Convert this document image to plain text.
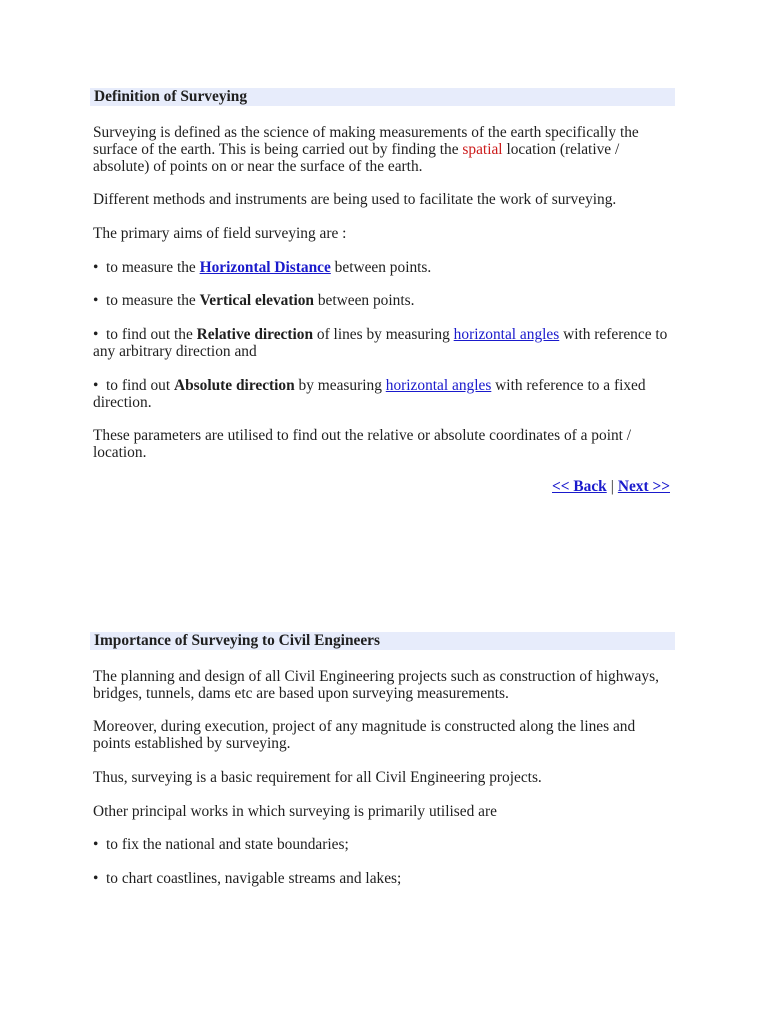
Definition of Surveying

Surveying is defined as the science of making measurements of the earth specifically the surface of the earth. This is being carried out by finding the spatial location (relative / absolute) of points on or near the surface of the earth.

Different methods and instruments are being used to facilitate the work of surveying.

The primary aims of field surveying are :

• to measure the Horizontal Distance between points.

• to measure the Vertical elevation between points.

• to find out the Relative direction of lines by measuring horizontal angles with reference to any arbitrary direction and

• to find out Absolute direction by measuring horizontal angles with reference to a fixed direction.

These parameters are utilised to find out the relative or absolute coordinates of a point / location.

<< Back | Next >>

Importance of Surveying to Civil Engineers

The planning and design of all Civil Engineering projects such as construction of highways, bridges, tunnels, dams etc are based upon surveying measurements.

Moreover, during execution, project of any magnitude is constructed along the lines and points established by surveying.

Thus, surveying is a basic requirement for all Civil Engineering projects.

Other principal works in which surveying is primarily utilised are

• to fix the national and state boundaries;

• to chart coastlines, navigable streams and lakes;
